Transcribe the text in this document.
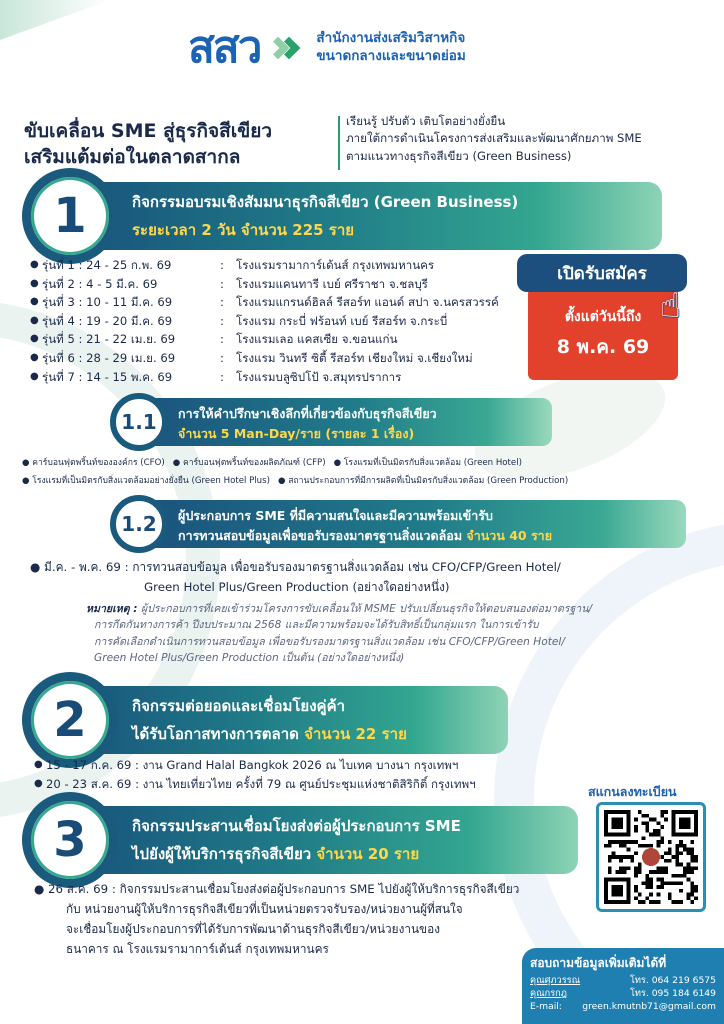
สสว	สำนักงานส่งเสริมวิสาหกิจ
ขนาดกลางและขนาดย่อม
ขับเคลื่อน SME สู่ธุรกิจสีเขียว
เสริมแต้มต่อในตลาดสากล
เรียนรู้ ปรับตัว เติบโตอย่างยั่งยืน
ภายใต้การดำเนินโครงการส่งเสริมและพัฒนาศักยภาพ SME
ตามแนวทางธุรกิจสีเขียว (Green Business)
กิจกรรมอบรมเชิงสัมมนาธุรกิจสีเขียว (Green Business)
ระยะเวลา 2 วัน จำนวน 225 ราย
1
● รุ่นที่ 1 : 24 - 25 ก.พ. 69	:	โรงแรมรามาการ์เด้นส์ กรุงเทพมหานคร
● รุ่นที่ 2 : 4 - 5 มี.ค. 69	:	โรงแรมแคนทารี เบย์ ศรีราชา จ.ชลบุรี
● รุ่นที่ 3 : 10 - 11 มี.ค. 69	:	โรงแรมแกรนด์ฮิลล์ รีสอร์ท แอนด์ สปา จ.นครสวรรค์
● รุ่นที่ 4 : 19 - 20 มี.ค. 69	:	โรงแรม กระบี่ ฟร้อนท์ เบย์ รีสอร์ท จ.กระบี่
● รุ่นที่ 5 : 21 - 22 เม.ย. 69	:	โรงแรมเลอ แคสเซีย จ.ขอนแก่น
● รุ่นที่ 6 : 28 - 29 เม.ย. 69	:	โรงแรม วินทรี ซิตี้ รีสอร์ท เชียงใหม่ จ.เชียงใหม่
● รุ่นที่ 7 : 14 - 15 พ.ค. 69	:	โรงแรมบลูซิปโป้ จ.สมุทรปราการ
ตั้งแต่วันนี้ถึง
8 พ.ค. 69
เปิดรับสมัคร
☝
การให้คำปรึกษาเชิงลึกที่เกี่ยวข้องกับธุรกิจสีเขียว
จำนวน 5 Man-Day/ราย (รายละ 1 เรื่อง)
1.1
● คาร์บอนฟุตพริ้นท์ขององค์กร (CFO) ● คาร์บอนฟุตพริ้นท์ของผลิตภัณฑ์ (CFP) ● โรงแรมที่เป็นมิตรกับสิ่งแวดล้อม (Green Hotel)
● โรงแรมที่เป็นมิตรกับสิ่งแวดล้อมอย่างยั่งยืน (Green Hotel Plus) ● สถานประกอบการที่มีการผลิตที่เป็นมิตรกับสิ่งแวดล้อม (Green Production)
ผู้ประกอบการ SME ที่มีความสนใจและมีความพร้อมเข้ารับ
การทวนสอบข้อมูลเพื่อขอรับรองมาตรฐานสิ่งแวดล้อม จำนวน 40 ราย
1.2
● มี.ค. - พ.ค. 69 : การทวนสอบข้อมูล เพื่อขอรับรองมาตรฐานสิ่งแวดล้อม เช่น CFO/CFP/Green Hotel/
Green Hotel Plus/Green Production (อย่างใดอย่างหนึ่ง)
หมายเหตุ : ผู้ประกอบการที่เคยเข้าร่วมโครงการขับเคลื่อนให้ MSME ปรับเปลี่ยนธุรกิจให้ตอบสนองต่อมาตรฐาน/
การกีดกันทางการค้า ปีงบประมาณ 2568 และมีความพร้อมจะได้รับสิทธิ์เป็นกลุ่มแรก ในการเข้ารับ
การคัดเลือกดำเนินการทวนสอบข้อมูล เพื่อขอรับรองมาตรฐานสิ่งแวดล้อม เช่น CFO/CFP/Green Hotel/
Green Hotel Plus/Green Production เป็นต้น (อย่างใดอย่างหนึ่ง)
กิจกรรมต่อยอดและเชื่อมโยงคู่ค้า
ได้รับโอกาสทางการตลาด จำนวน 22 ราย
2
● 15 - 17 ก.ค. 69 : งาน Grand Halal Bangkok 2026 ณ ไบเทค บางนา กรุงเทพฯ
● 20 - 23 ส.ค. 69 : งาน ไทยเที่ยวไทย ครั้งที่ 79 ณ ศูนย์ประชุมแห่งชาติสิริกิติ์ กรุงเทพฯ
กิจกรรมประสานเชื่อมโยงส่งต่อผู้ประกอบการ SME
ไปยังผู้ให้บริการธุรกิจสีเขียว จำนวน 20 ราย
3
● 26 ส.ค. 69 : กิจกรรมประสานเชื่อมโยงส่งต่อผู้ประกอบการ SME ไปยังผู้ให้บริการธุรกิจสีเขียว
กับ หน่วยงานผู้ให้บริการธุรกิจสีเขียวที่เป็นหน่วยตรวจรับรอง/หน่วยงานผู้ที่สนใจ
จะเชื่อมโยงผู้ประกอบการที่ได้รับการพัฒนาด้านธุรกิจสีเขียว/หน่วยงานของ
ธนาคาร ณ โรงแรมรามาการ์เด้นส์ กรุงเทพมหานคร
สแกนลงทะเบียน
สอบถามข้อมูลเพิ่มเติมได้ที่
คุณศุภวรรณ	โทร. 064 219 6575
คุณกรกฎ	โทร. 095 184 6149
E-mail: green.kmutnb71@gmail.com
